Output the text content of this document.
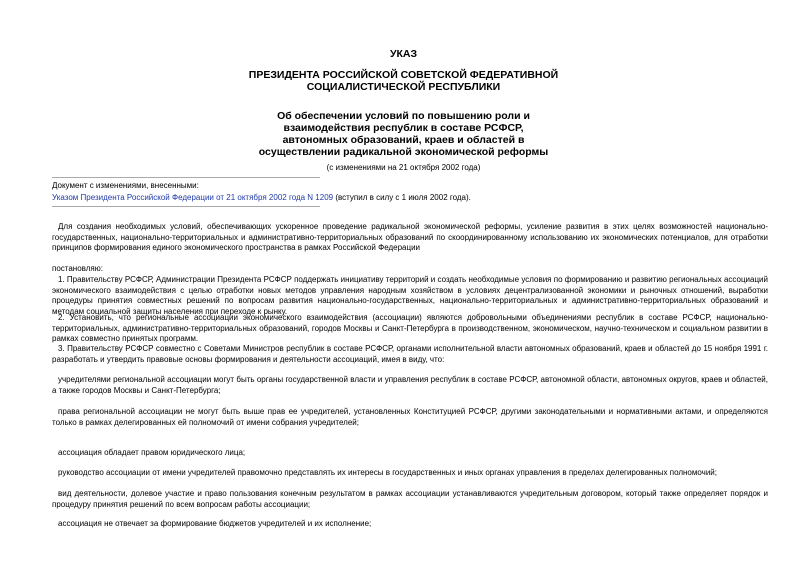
УКАЗ
ПРЕЗИДЕНТА РОССИЙСКОЙ СОВЕТСКОЙ ФЕДЕРАТИВНОЙ
СОЦИАЛИСТИЧЕСКОЙ РЕСПУБЛИКИ
Об обеспечении условий по повышению роли и
взаимодействия республик в составе РСФСР,
автономных образований, краев и областей в
осуществлении радикальной экономической реформы
(с изменениями на 21 октября 2002 года)
Документ с изменениями, внесенными:
Указом Президента Российской Федерации от 21 октября 2002 года N 1209 (вступил в силу с 1 июля 2002 года).

Для создания необходимых условий, обеспечивающих ускоренное проведение радикальной экономической реформы, усиление развития в этих целях возможностей национально-государственных, национально-территориальных и административно-территориальных образований по скоординированному использованию их экономических потенциалов, для отработки принципов формирования единого экономического пространства в рамках Российской Федерации

постановляю:

1. Правительству РСФСР, Администрации Президента РСФСР поддержать инициативу территорий и создать необходимые условия по формированию и развитию региональных ассоциаций экономического взаимодействия с целью отработки новых методов управления народным хозяйством в условиях децентрализованной экономики и рыночных отношений, выработки процедуры принятия совместных решений по вопросам развития национально-государственных, национально-территориальных и административно-территориальных образований и методам социальной защиты населения при переходе к рынку.

2. Установить, что региональные ассоциации экономического взаимодействия (ассоциации) являются добровольными объединениями республик в составе РСФСР, национально-территориальных, административно-территориальных образований, городов Москвы и Санкт-Петербурга в производственном, экономическом, научно-техническом и социальном развитии в рамках совместно принятых программ.

3. Правительству РСФСР совместно с Советами Министров республик в составе РСФСР, органами исполнительной власти автономных образований, краев и областей до 15 ноября 1991 г. разработать и утвердить правовые основы формирования и деятельности ассоциаций, имея в виду, что:

учредителями региональной ассоциации могут быть органы государственной власти и управления республик в составе РСФСР, автономной области, автономных округов, краев и областей, а также городов Москвы и Санкт-Петербурга;

права региональной ассоциации не могут быть выше прав ее учредителей, установленных Конституцией РСФСР, другими законодательными и нормативными актами, и определяются только в рамках делегированных ей полномочий от имени собрания учредителей;

ассоциация обладает правом юридического лица;

руководство ассоциации от имени учредителей правомочно представлять их интересы в государственных и иных органах управления в пределах делегированных полномочий;

вид деятельности, долевое участие и право пользования конечным результатом в рамках ассоциации устанавливаются учредительным договором, который также определяет порядок и процедуру принятия решений по всем вопросам работы ассоциации;

ассоциация не отвечает за формирование бюджетов учредителей и их исполнение;
